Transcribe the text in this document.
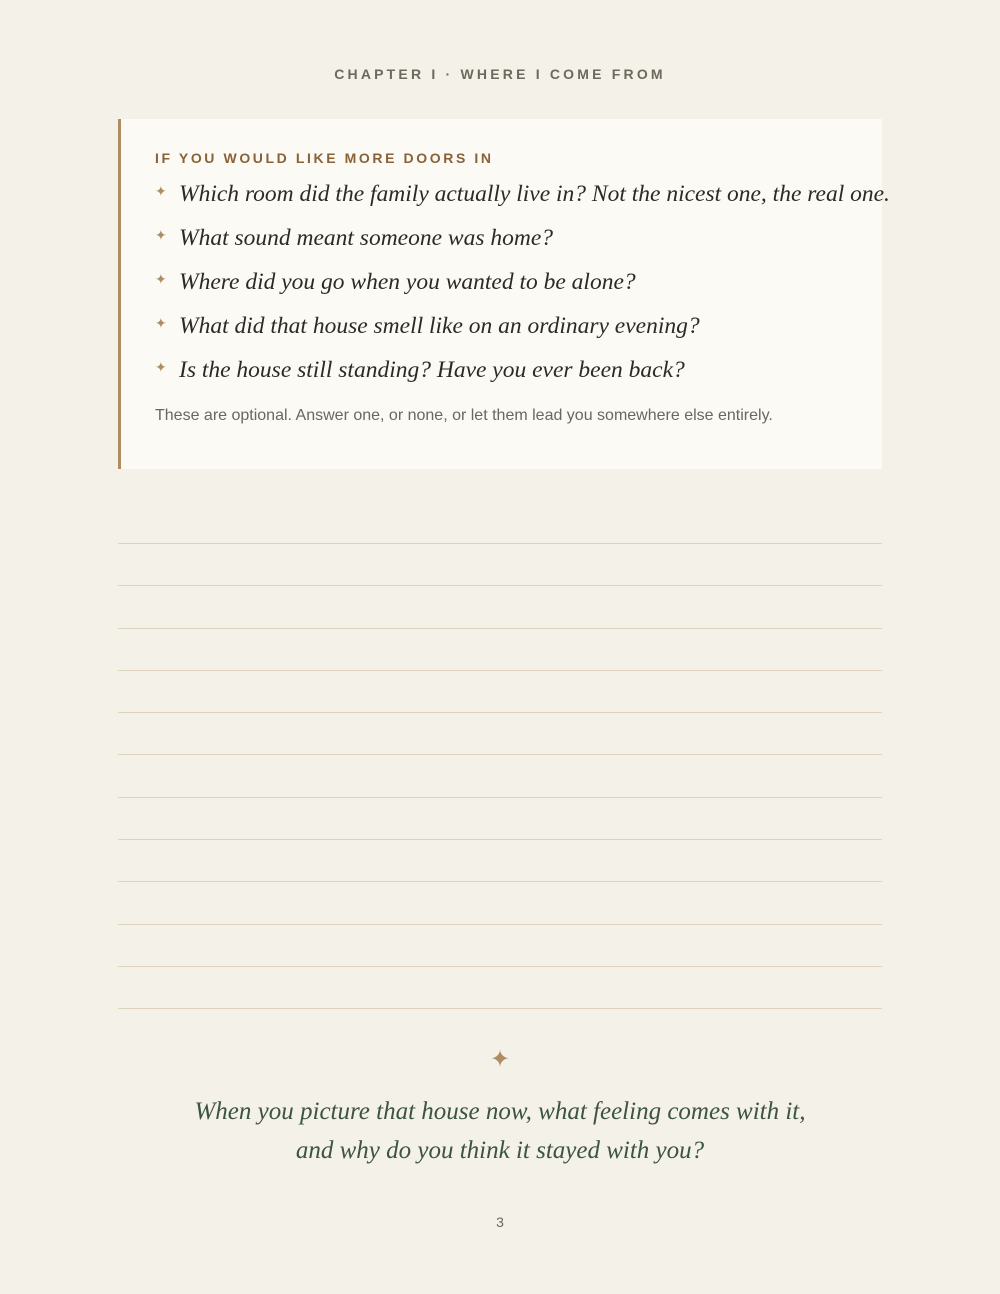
CHAPTER I · WHERE I COME FROM
IF YOU WOULD LIKE MORE DOORS IN
✦ Which room did the family actually live in? Not the nicest one, the real one.
✦ What sound meant someone was home?
✦ Where did you go when you wanted to be alone?
✦ What did that house smell like on an ordinary evening?
✦ Is the house still standing? Have you ever been back?
These are optional. Answer one, or none, or let them lead you somewhere else entirely.
✦
When you picture that house now, what feeling comes with it,
and why do you think it stayed with you?
3
